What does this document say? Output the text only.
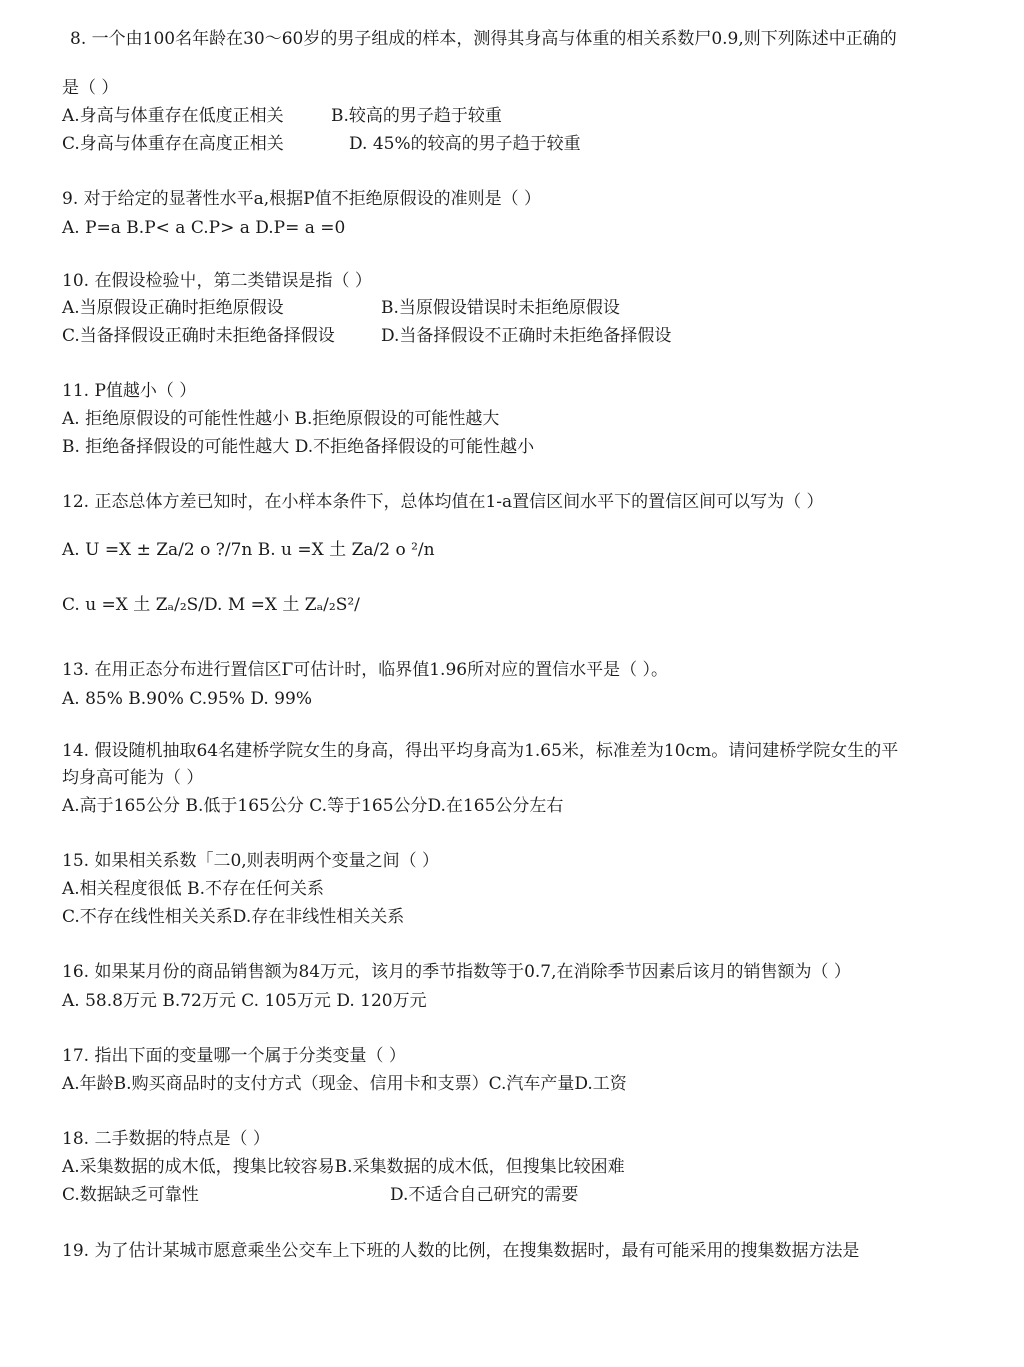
8. 一个由100名年龄在30～60岁的男子组成的样本，测得其身高与体重的相关系数尸0.9,则下列陈述中正确的
是（ ）
A.身高与体重存在低度正相关	B.较高的男子趋于较重
C.身高与体重存在高度正相关	D. 45%的较高的男子趋于较重
9. 对于给定的显著性水平a,根据P值不拒绝原假设的准则是（ ）
A. P=a B.P< a C.P> a D.P= a =0
10. 在假设检验屮，第二类错误是指（ ）
A.当原假设正确时拒绝原假设	B.当原假设错误时未拒绝原假设
C.当备择假设正确时未拒绝备择假设	D.当备择假设不正确时未拒绝备择假设
11. P值越小（ ）
A. 拒绝原假设的可能性性越小 B.拒绝原假设的可能性越大
B. 拒绝备择假设的可能性越大 D.不拒绝备择假设的可能性越小
12. 正态总体方差已知时，在小样本条件下，总体均值在1-a置信区间水平下的置信区间可以写为（ ）
A. U =X ± Za/2 o ?/7n B. u =X 土 Za/2 o ²/n
C. u =X 土 Zₐ/₂S/D. M =X 土 Zₐ/₂S²/
13. 在用正态分布进行置信区Γ可估计时，临界值1.96所对应的置信水平是（ ）。
A. 85% B.90% C.95% D. 99%
14. 假设随机抽取64名建桥学院女生的身高，得出平均身高为1.65米，标准差为10cm。请问建桥学院女生的平
均身高可能为（ ）
A.高于165公分 B.低于165公分 C.等于165公分D.在165公分左右
15. 如果相关系数「二0,则表明两个变量之间（ ）
A.相关程度很低 B.不存在任何关系
C.不存在线性相关关系D.存在非线性相关关系
16. 如果某月份的商品销售额为84万元，该月的季节指数等于0.7,在消除季节因素后该月的销售额为（ ）
A. 58.8万元 B.72万元 C. 105万元 D. 120万元
17. 指出下面的变量哪一个属于分类变量（ ）
A.年龄B.购买商品时的支付方式（现金、信用卡和支票）C.汽车产量D.工资
18. 二手数据的特点是（ ）
A.采集数据的成木低，搜集比较容易B.采集数据的成木低，但搜集比较困难
C.数据缺乏可靠性	D.不适合自己研究的需要
19. 为了估计某城市愿意乘坐公交车上下班的人数的比例，在搜集数据时，最有可能采用的搜集数据方法是
